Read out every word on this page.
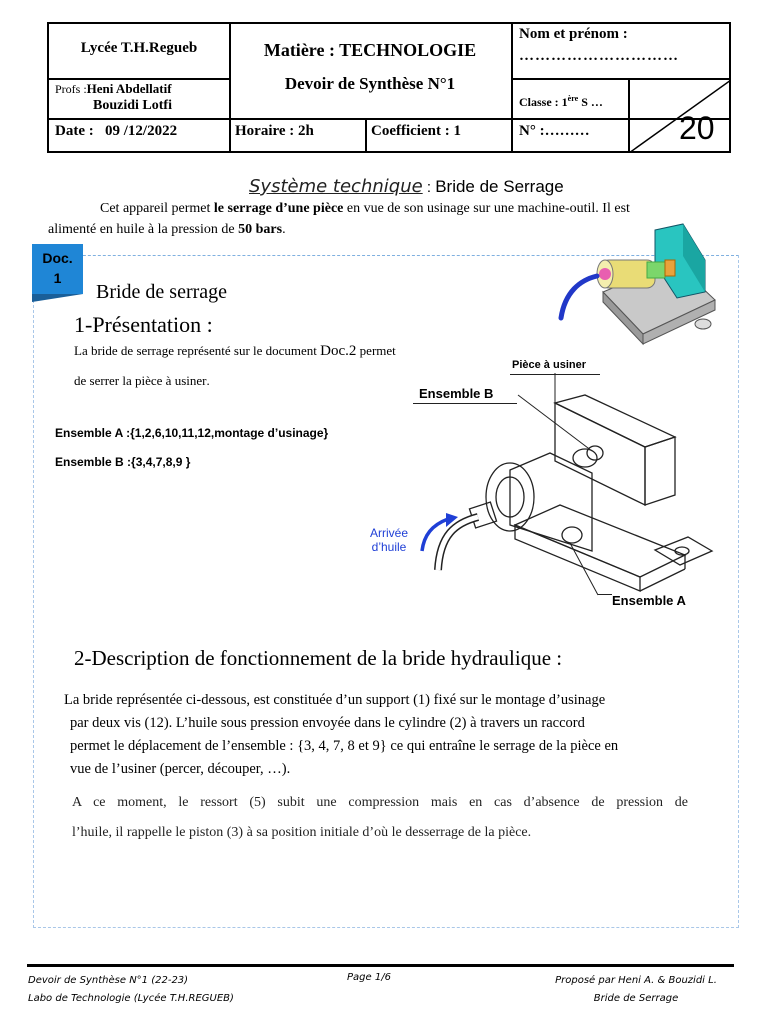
Lycée T.H.Regueb
Profs :Heni Abdellatif
Bouzidi Lotfi
Matière : TECHNOLOGIE
Devoir de Synthèse N°1
Nom et prénom :
…………………………
Classe : 1ère S …
Date :   09 /12/2022	Horaire : 2h	Coefficient : 1	N° :………	20

Système technique : Bride de Serrage

Cet appareil permet le serrage d’une pièce en vue de son usinage sur une machine-outil. Il est
alimenté en huile à la pression de 50 bars.
Doc.
1
Bride de serrage
1-Présentation :
La bride de serrage représenté sur le document Doc.2 permet
de serrer la pièce à usiner.
Ensemble A :{1,2,6,10,11,12,montage d’usinage}
Ensemble B :{3,4,7,8,9 }
Pièce à usiner
Ensemble B
Arrivée
d’huile
Ensemble A
2-Description de fonctionnement de la bride hydraulique :
La bride représentée ci-dessous, est constituée d’un support (1) fixé sur le montage d’usinage
par deux vis (12). L’huile sous pression envoyée dans le cylindre (2) à travers un raccord
permet le déplacement de l’ensemble : {3, 4, 7, 8 et 9} ce qui entraîne le serrage de la pièce en
vue de l’usiner (percer, découper, …).
A ce moment, le ressort (5) subit une compression mais en cas d’absence de pression de
l’huile, il rappelle le piston (3) à sa position initiale d’où le desserrage de la pièce.
Devoir de Synthèse N°1 (22-23)
Labo de Technologie (Lycée T.H.REGUEB)
Page 1/6	Proposé par Heni A. & Bouzidi L.
Bride de Serrage
